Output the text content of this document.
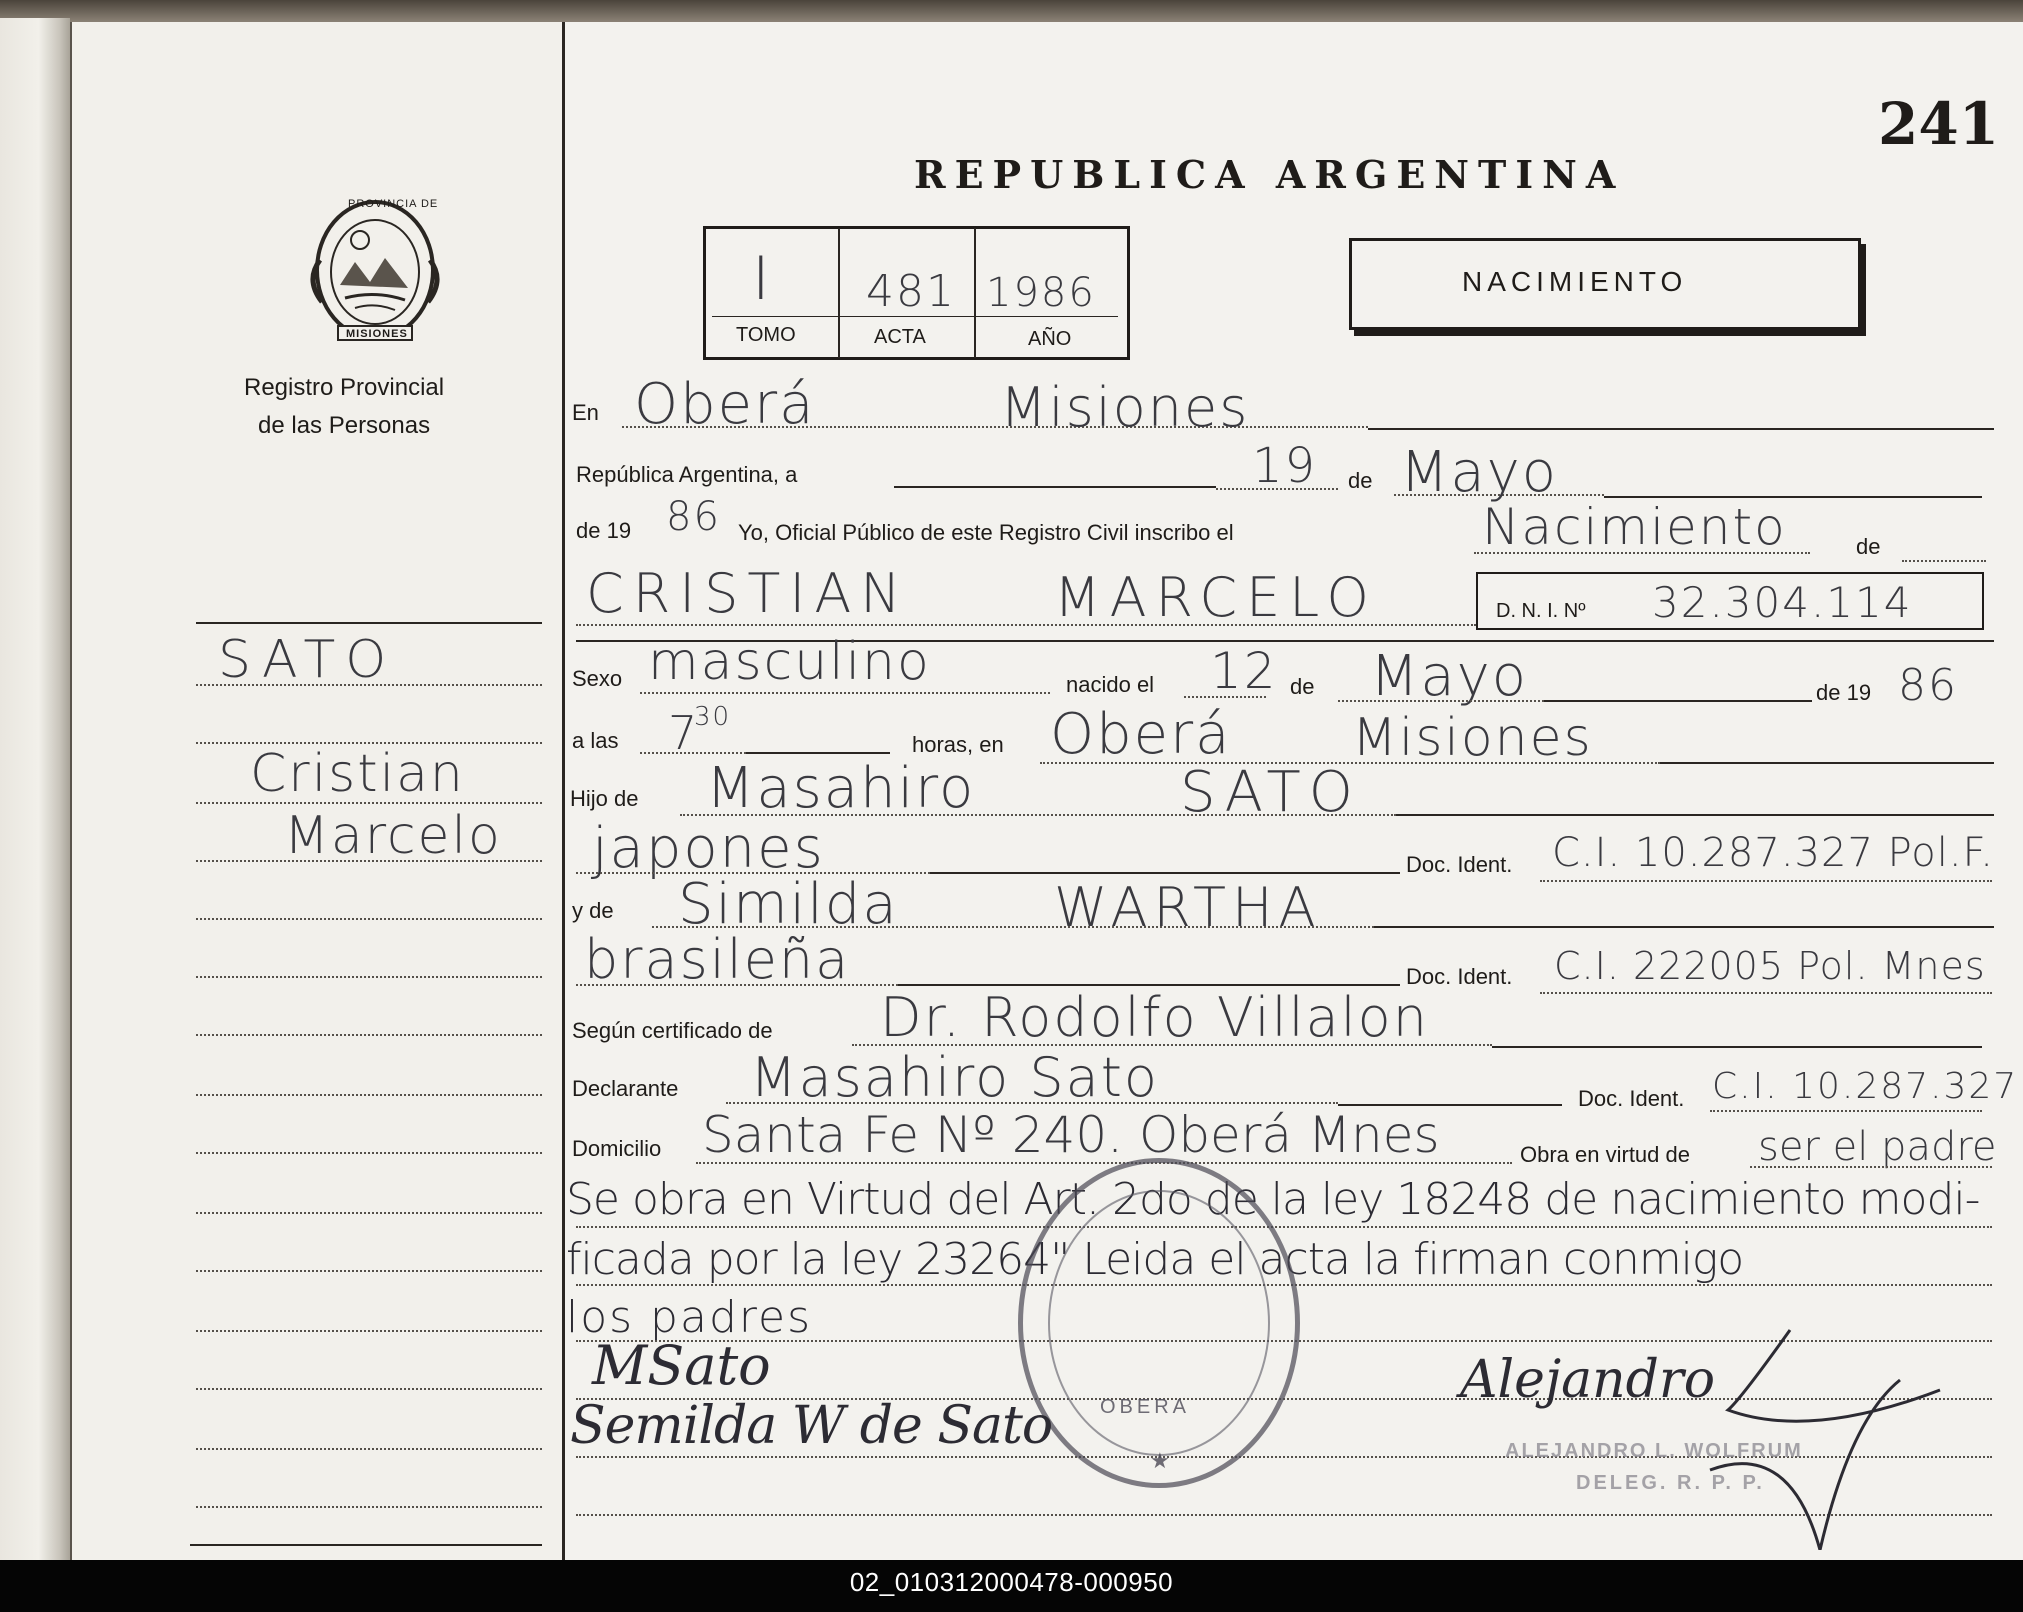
241
PROVINCIA DE
MISIONES
Registro Provincial
de las Personas
SATO
Cristian
Marcelo
REPUBLICA ARGENTINA
I 481 1986
TOMO	ACTA	AÑO
NACIMIENTO
En Oberá	Misiones
República Argentina, a	de
19 Mayo
de 19 86 Yo, Oficial Público de este Registro Civil inscribo el	Nacimiento	de
CRISTIAN	MARCELO	D. N. I. Nº 32.304.114
Sexo masculino	nacido el 12 de Mayo	de 19 86
a las 7
30
horas, en Oberá Misiones
Hijo de Masahiro	SATO
japones	Doc. Ident. C.I. 10.287.327 Pol.F.
y de Similda	WARTHA
brasileña	Doc. Ident. C.I. 222005 Pol. Mnes
Según certificado de Dr. Rodolfo Villalon
Declarante Masahiro Sato	Doc. Ident. C.I. 10.287.327
Domicilio Santa Fe Nº 240. Oberá Mnes	Obra en virtud de ser el padre
Se obra en Virtud del Art. 2do de la ley 18248 de nacimiento modi-
ficada por la ley 23264" Leida el acta la firman conmigo
los padres
OBERA
★
MSato
Semilda W de Sato
Alejandro
ALEJANDRO L. WOLFRUM
DELEG. R. P. P.
02_010312000478-000950
